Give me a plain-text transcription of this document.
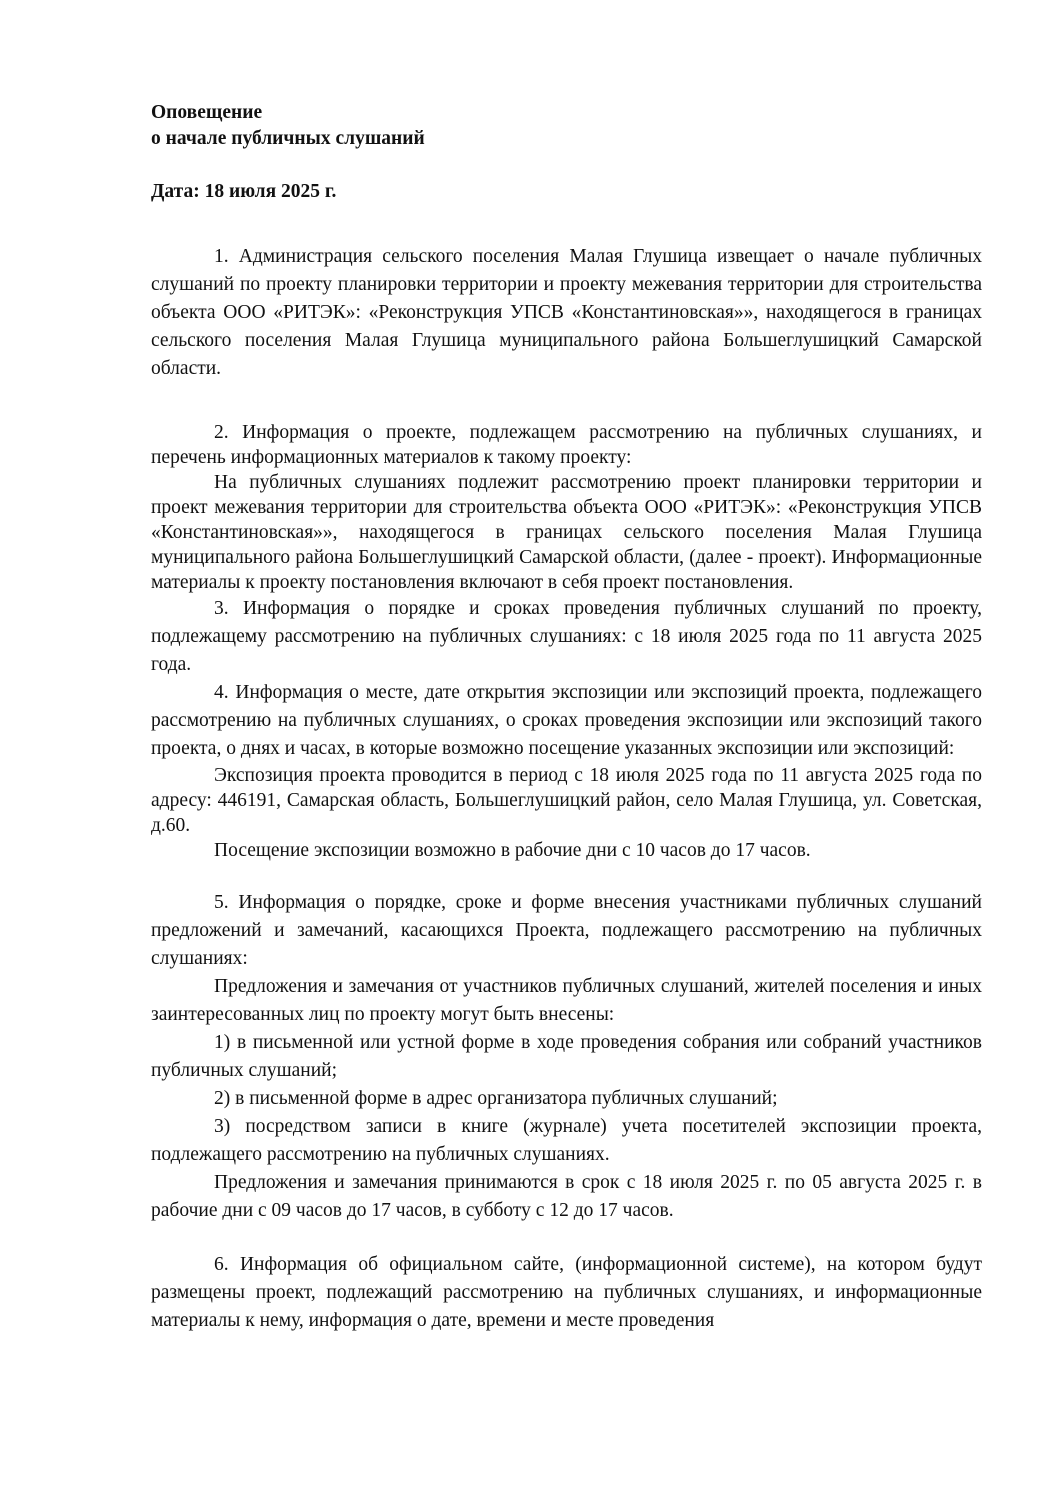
Оповещение

о начале публичных слушаний

Дата: 18 июля 2025 г.

1. Администрация сельского поселения Малая Глушица извещает о начале публичных слушаний по проекту планировки территории и проекту межевания территории для строительства объекта ООО «РИТЭК»: «Реконструкция УПСВ «Константиновская»», находящегося в границах сельского поселения Малая Глушица муниципального района Большеглушицкий Самарской области.

2. Информация о проекте, подлежащем рассмотрению на публичных слушаниях, и перечень информационных материалов к такому проекту:

На публичных слушаниях подлежит рассмотрению проект планировки территории и проект межевания территории для строительства объекта ООО «РИТЭК»: «Реконструкция УПСВ «Константиновская»», находящегося в границах сельского поселения Малая Глушица муниципального района Большеглушицкий Самарской области, (далее - проект). Информационные материалы к проекту постановления включают в себя проект постановления.

3. Информация о порядке и сроках проведения публичных слушаний по проекту, подлежащему рассмотрению на публичных слушаниях: с 18 июля 2025 года по 11 августа 2025 года.

4. Информация о месте, дате открытия экспозиции или экспозиций проекта, подлежащего рассмотрению на публичных слушаниях, о сроках проведения экспозиции или экспозиций такого проекта, о днях и часах, в которые возможно посещение указанных экспозиции или экспозиций:

Экспозиция проекта проводится в период с 18 июля 2025 года по 11 августа 2025 года по адресу: 446191, Самарская область, Большеглушицкий район, село Малая Глушица, ул. Советская, д.60.

Посещение экспозиции возможно в рабочие дни с 10 часов до 17 часов.

5. Информация о порядке, сроке и форме внесения участниками публичных слушаний предложений и замечаний, касающихся Проекта, подлежащего рассмотрению на публичных слушаниях:

Предложения и замечания от участников публичных слушаний, жителей поселения и иных заинтересованных лиц по проекту могут быть внесены:

1) в письменной или устной форме в ходе проведения собрания или собраний участников публичных слушаний;

2) в письменной форме в адрес организатора публичных слушаний;

3) посредством записи в книге (журнале) учета посетителей экспозиции проекта, подлежащего рассмотрению на публичных слушаниях.

Предложения и замечания принимаются в срок с 18 июля 2025 г. по 05 августа 2025 г. в рабочие дни с 09 часов до 17 часов, в субботу с 12 до 17 часов.

6. Информация об официальном сайте, (информационной системе), на котором будут размещены проект, подлежащий рассмотрению на публичных слушаниях, и информационные материалы к нему, информация о дате, времени и месте проведения
